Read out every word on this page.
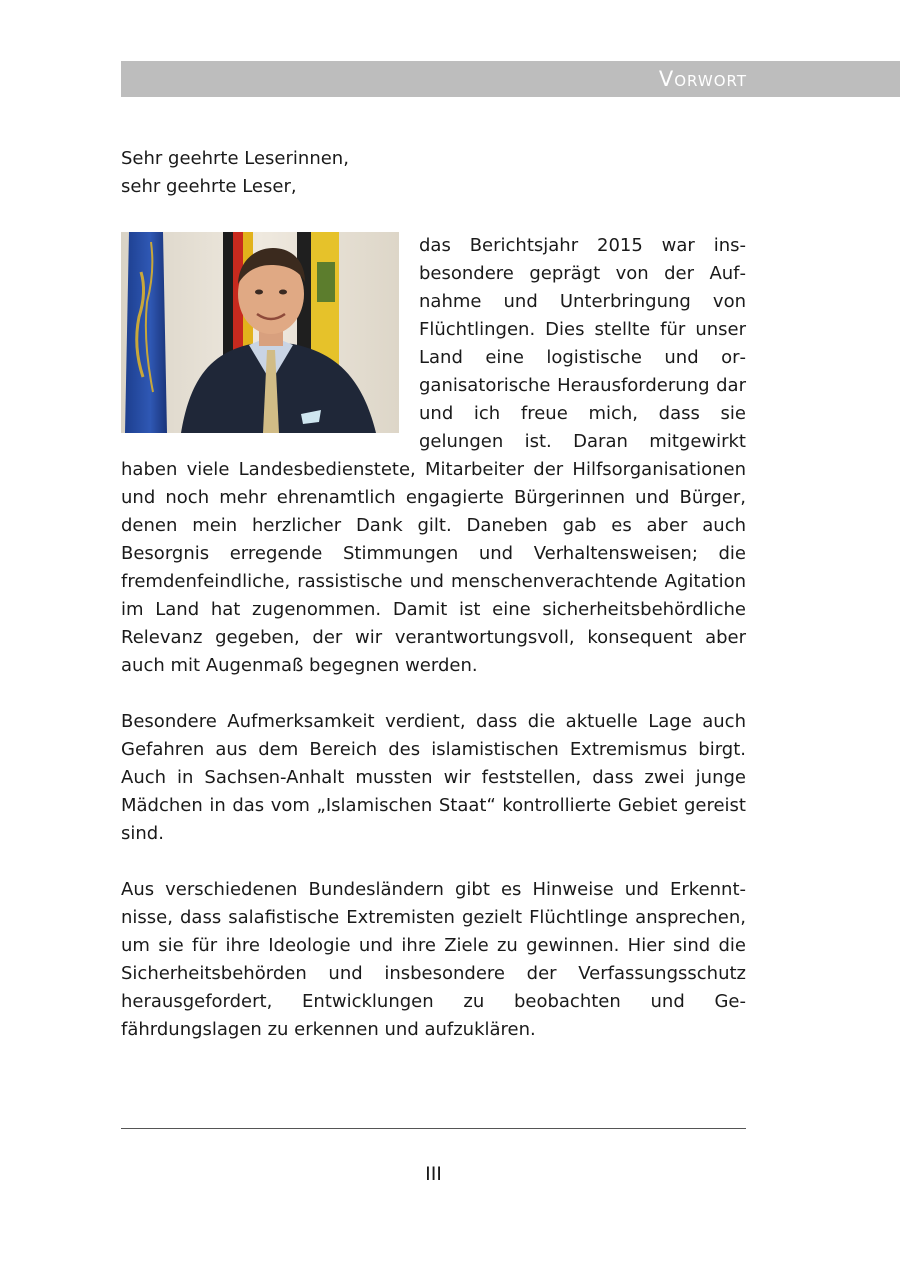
Vorwort
Sehr geehrte Leserinnen,
sehr geehrte Leser,

das Berichtsjahr 2015 war insbesondere geprägt von der Aufnahme und Unterbringung von Flüchtlingen. Dies stellte für unser Land eine logistische und organisatorische Herausforderung dar und ich freue mich, dass sie gelungen ist. Daran mitgewirkt haben viele Landesbedienstete, Mitarbeiter der Hilfsorganisationen und noch mehr ehrenamtlich engagierte Bürgerinnen und Bürger, denen mein herzlicher Dank gilt. Daneben gab es aber auch Besorgnis erregende Stimmungen und Verhaltensweisen; die fremdenfeindliche, rassistische und menschenverachtende Agitation im Land hat zugenommen. Damit ist eine sicherheitsbehördliche Relevanz gegeben, der wir verantwortungsvoll, konsequent aber auch mit Augenmaß begegnen werden.

Besondere Aufmerksamkeit verdient, dass die aktuelle Lage auch Gefahren aus dem Bereich des islamistischen Extremismus birgt. Auch in Sachsen-Anhalt mussten wir feststellen, dass zwei junge Mädchen in das vom „Islamischen Staat“ kontrollierte Gebiet gereist sind.

Aus verschiedenen Bundesländern gibt es Hinweise und Erkenntnisse, dass salafistische Extremisten gezielt Flüchtlinge ansprechen, um sie für ihre Ideologie und ihre Ziele zu gewinnen. Hier sind die Sicherheitsbehörden und insbesondere der Verfassungsschutz herausgefordert, Entwicklungen zu beobachten und Gefährdungslagen zu erkennen und aufzuklären.

III
